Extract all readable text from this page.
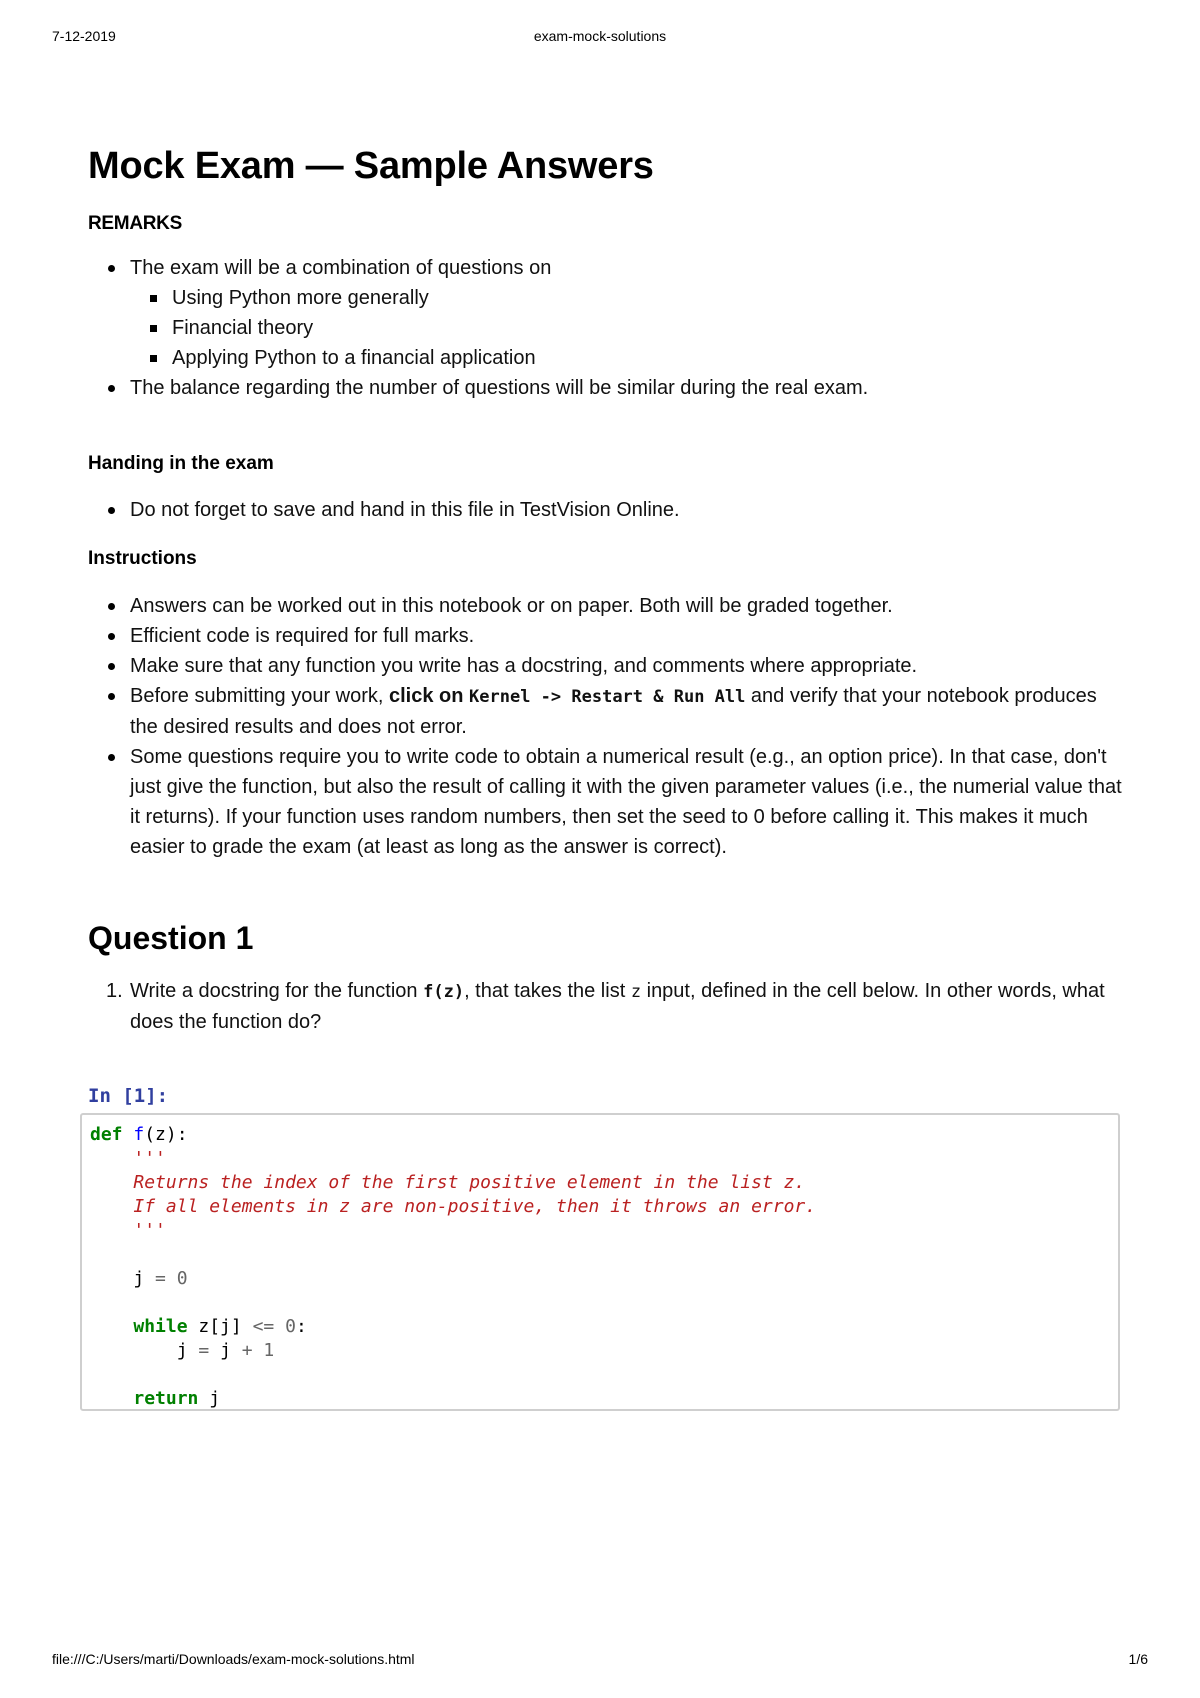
7-12-2019	exam-mock-solutions
Mock Exam — Sample Answers

REMARKS

The exam will be a combination of questions on
Using Python more generally
Financial theory
Applying Python to a financial application
The balance regarding the number of questions will be similar during the real exam.

Handing in the exam

Do not forget to save and hand in this file in TestVision Online.

Instructions

Answers can be worked out in this notebook or on paper. Both will be graded together.
Efficient code is required for full marks.
Make sure that any function you write has a docstring, and comments where appropriate.
Before submitting your work, click on Kernel -> Restart & Run All and verify that your notebook produces the desired results and does not error.
Some questions require you to write code to obtain a numerical result (e.g., an option price). In that case, don't just give the function, but also the result of calling it with the given parameter values (i.e., the numerial value that it returns). If your function uses random numbers, then set the seed to 0 before calling it. This makes it much easier to grade the exam (at least as long as the answer is correct).
Question 1
1. Write a docstring for the function f(z), that takes the list z input, defined in the cell below. In other words, what does the function do?
In [1]:
def f(z):
'''
Returns the index of the first positive element in the list z.
If all elements in z are non-positive, then it throws an error.
'''

j = 0

while z[j] <= 0:
j = j + 1

return j
file:///C:/Users/marti/Downloads/exam-mock-solutions.html	1/6
